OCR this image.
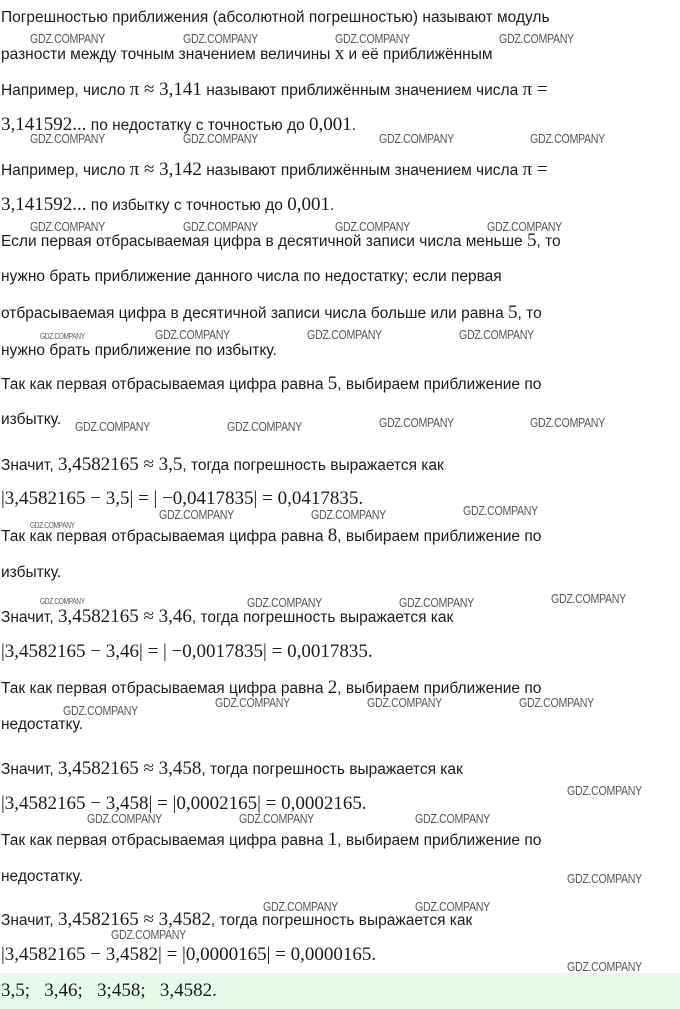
Погрешностью приближения (абсолютной погрешностью) называют модуль
разности между точным значением величины x и её приближённым
Например, число π ≈ 3,141 называют приближённым значением числа π =
3,141592... по недостатку с точностью до 0,001.
Например, число π ≈ 3,142 называют приближённым значением числа π =
3,141592... по избытку с точностью до 0,001.
Если первая отбрасываемая цифра в десятичной записи числа меньше 5, то
нужно брать приближение данного числа по недостатку; если первая
отбрасываемая цифра в десятичной записи числа больше или равна 5, то
нужно брать приближение по избытку.
Так как первая отбрасываемая цифра равна 5, выбираем приближение по
избытку.
Значит, 3,4582165 ≈ 3,5, тогда погрешность выражается как
|3,4582165 − 3,5| = | −0,0417835| = 0,0417835.
Так как первая отбрасываемая цифра равна 8, выбираем приближение по
избытку.
Значит, 3,4582165 ≈ 3,46, тогда погрешность выражается как
|3,4582165 − 3,46| = | −0,0017835| = 0,0017835.
Так как первая отбрасываемая цифра равна 2, выбираем приближение по
недостатку.
Значит, 3,4582165 ≈ 3,458, тогда погрешность выражается как
|3,4582165 − 3,458| = |0,0002165| = 0,0002165.
Так как первая отбрасываемая цифра равна 1, выбираем приближение по
недостатку.
Значит, 3,4582165 ≈ 3,4582, тогда погрешность выражается как
|3,4582165 − 3,4582| = |0,0000165| = 0,0000165.
3,5;  3,46;  3;458;  3,4582.
GDZ.COMPANY	GDZ.COMPANY	GDZ.COMPANY	GDZ.COMPANY
GDZ.COMPANY	GDZ.COMPANY	GDZ.COMPANY	GDZ.COMPANY
GDZ.COMPANY	GDZ.COMPANY	GDZ.COMPANY	GDZ.COMPANY
GDZ.COMPANY	GDZ.COMPANY	GDZ.COMPANY	GDZ.COMPANY
GDZ.COMPANY	GDZ.COMPANY	GDZ.COMPANY	GDZ.COMPANY
GDZ.COMPANY	GDZ.COMPANY	GDZ.COMPANY
GDZ.COMPANY
GDZ.COMPANY	GDZ.COMPANY	GDZ.COMPANY	GDZ.COMPANY
GDZ.COMPANY
GDZ.COMPANY	GDZ.COMPANY	GDZ.COMPANY
GDZ.COMPANY
GDZ.COMPANY	GDZ.COMPANY	GDZ.COMPANY
GDZ.COMPANY
GDZ.COMPANY	GDZ.COMPANY
GDZ.COMPANY
GDZ.COMPANY
